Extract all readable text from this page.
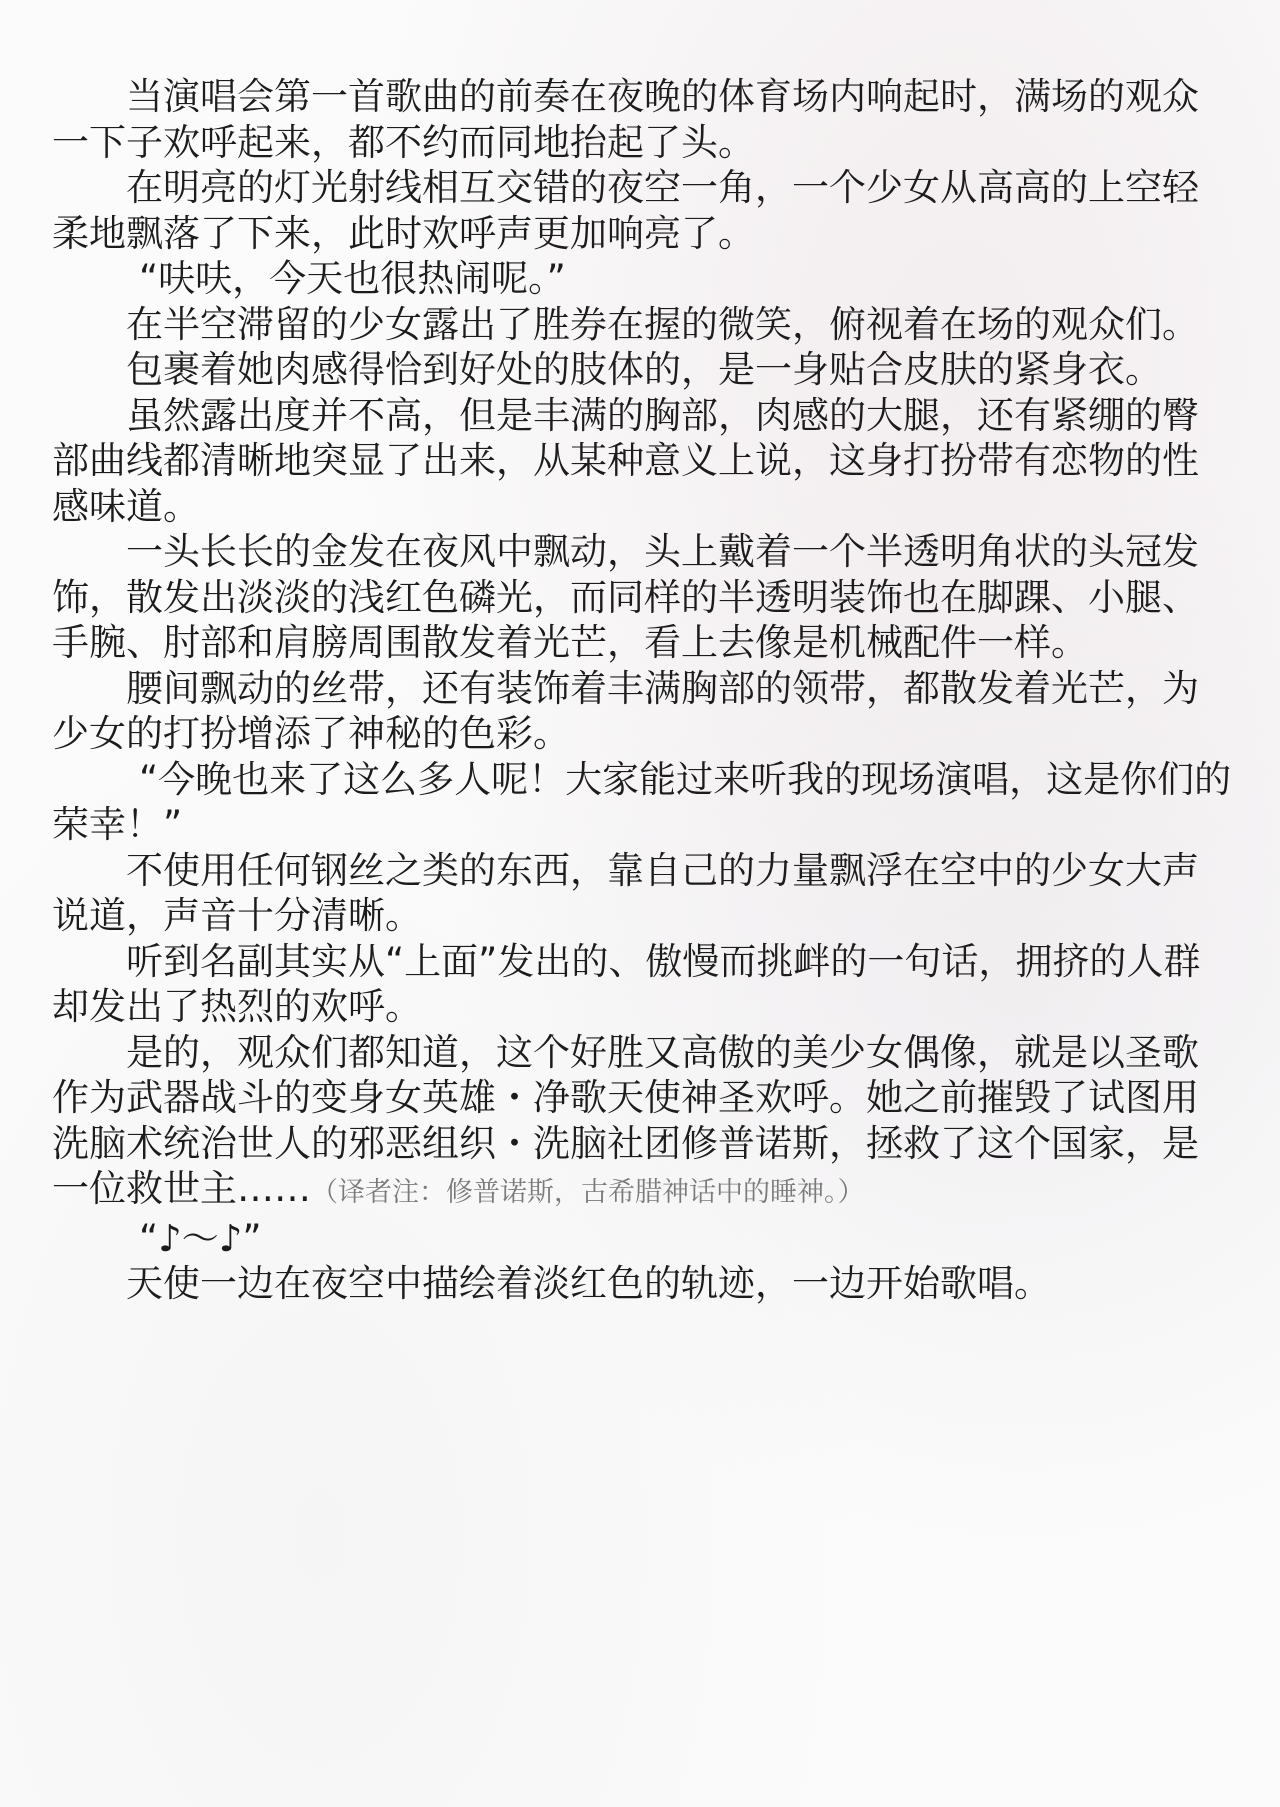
当演唱会第一首歌曲的前奏在夜晚的体育场内响起时，满场的观众一下子欢呼起来，都不约而同地抬起了头。

在明亮的灯光射线相互交错的夜空一角，一个少女从高高的上空轻柔地飘落了下来，此时欢呼声更加响亮了。

“呋呋，今天也很热闹呢。”

在半空滞留的少女露出了胜券在握的微笑，俯视着在场的观众们。

包裹着她肉感得恰到好处的肢体的，是一身贴合皮肤的紧身衣。

虽然露出度并不高，但是丰满的胸部，肉感的大腿，还有紧绷的臀部曲线都清晰地突显了出来，从某种意义上说，这身打扮带有恋物的性感味道。

一头长长的金发在夜风中飘动，头上戴着一个半透明角状的头冠发饰，散发出淡淡的浅红色磷光，而同样的半透明装饰也在脚踝、小腿、手腕、肘部和肩膀周围散发着光芒，看上去像是机械配件一样。

腰间飘动的丝带，还有装饰着丰满胸部的领带，都散发着光芒，为少女的打扮增添了神秘的色彩。

“今晚也来了这么多人呢！大家能过来听我的现场演唱，这是你们的荣幸！”

不使用任何钢丝之类的东西，靠自己的力量飘浮在空中的少女大声说道，声音十分清晰。

听到名副其实从“上面”发出的、傲慢而挑衅的一句话，拥挤的人群却发出了热烈的欢呼。

是的，观众们都知道，这个好胜又高傲的美少女偶像，就是以圣歌作为武器战斗的变身女英雄・净歌天使神圣欢呼。她之前摧毁了试图用洗脑术统治世人的邪恶组织・洗脑社团修普诺斯，拯救了这个国家，是一位救世主……（译者注：修普诺斯，古希腊神话中的睡神。）

“♪～♪”

天使一边在夜空中描绘着淡红色的轨迹，一边开始歌唱。
